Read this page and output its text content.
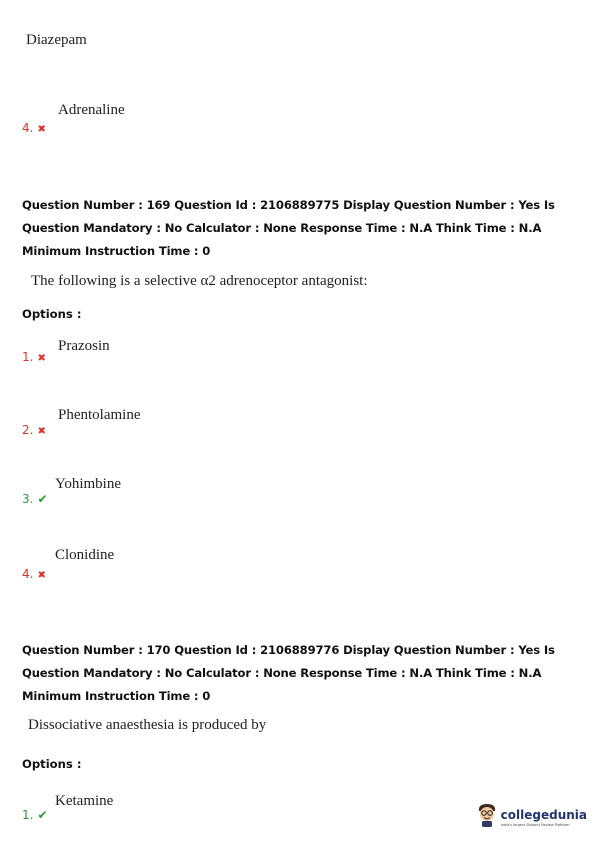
Diazepam
4. ✖
Adrenaline
Question Number : 169 Question Id : 2106889775 Display Question Number : Yes Is Question Mandatory : No Calculator : None Response Time : N.A Think Time : N.A Minimum Instruction Time : 0
The following is a selective α2 adrenoceptor antagonist:
Options :
1. ✖
Prazosin
2. ✖
Phentolamine
3. ✔
Yohimbine
4. ✖
Clonidine
Question Number : 170 Question Id : 2106889776 Display Question Number : Yes Is Question Mandatory : No Calculator : None Response Time : N.A Think Time : N.A Minimum Instruction Time : 0
Dissociative anaesthesia is produced by
Options :
1. ✔
Ketamine
collegedunia
India's largest Student Review Platform
